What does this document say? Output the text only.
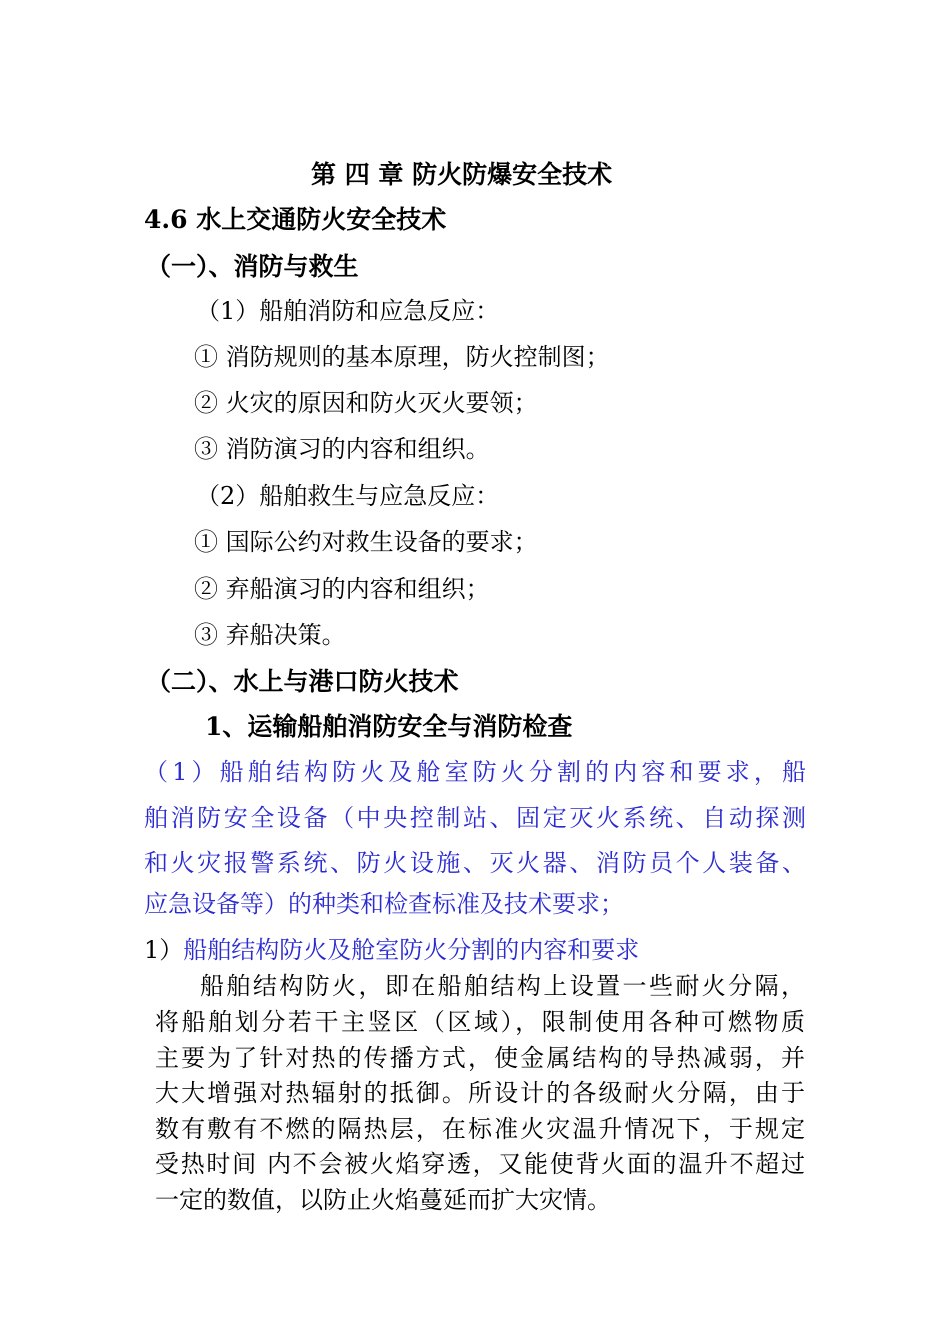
第 四 章 防火防爆安全技术
4.6 水上交通防火安全技术
（一）、消防与救生
（1）船舶消防和应急反应：
① 消防规则的基本原理，防火控制图；
② 火灾的原因和防火灭火要领；
③ 消防演习的内容和组织。
（2）船舶救生与应急反应：
① 国际公约对救生设备的要求；
② 弃船演习的内容和组织；
③ 弃船决策。
（二）、水上与港口防火技术
1、运输船舶消防安全与消防检查
（1）船舶结构防火及舱室防火分割的内容和要求，船
舶消防安全设备（中央控制站、固定灭火系统、自动探测
和火灾报警系统、防火设施、灭火器、消防员个人装备、
应急设备等）的种类和检查标准及技术要求；
1）船舶结构防火及舱室防火分割的内容和要求
船舶结构防火，即在船舶结构上设置一些耐火分隔，
将船舶划分若干主竖区（区域），限制使用各种可燃物质
主要为了针对热的传播方式，使金属结构的导热减弱，并
大大增强对热辐射的抵御。所设计的各级耐火分隔，由于
数有敷有不燃的隔热层，在标准火灾温升情况下，于规定
受热时间 内不会被火焰穿透，又能使背火面的温升不超过
一定的数值，以防止火焰蔓延而扩大灾情。
